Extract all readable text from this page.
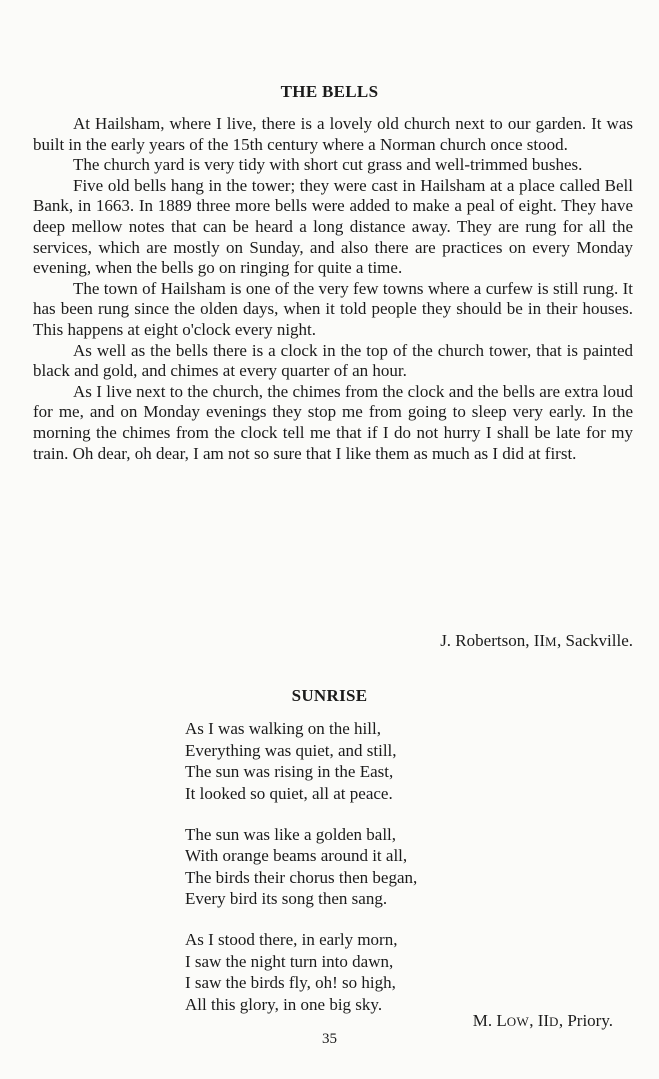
THE BELLS

At Hailsham, where I live, there is a lovely old church next to our garden. It was built in the early years of the 15th century where a Norman church once stood.

The church yard is very tidy with short cut grass and well-trimmed bushes.

Five old bells hang in the tower; they were cast in Hailsham at a place called Bell Bank, in 1663. In 1889 three more bells were added to make a peal of eight. They have deep mellow notes that can be heard a long distance away. They are rung for all the services, which are mostly on Sunday, and also there are practices on every Monday evening, when the bells go on ringing for quite a time.

The town of Hailsham is one of the very few towns where a curfew is still rung. It has been rung since the olden days, when it told people they should be in their houses. This happens at eight o'clock every night.

As well as the bells there is a clock in the top of the church tower, that is painted black and gold, and chimes at every quarter of an hour.

As I live next to the church, the chimes from the clock and the bells are extra loud for me, and on Monday evenings they stop me from going to sleep very early. In the morning the chimes from the clock tell me that if I do not hurry I shall be late for my train. Oh dear, oh dear, I am not so sure that I like them as much as I did at first.

J. Robertson, IIM, Sackville.

SUNRISE
As I was walking on the hill,
Everything was quiet, and still,
The sun was rising in the East,
It looked so quiet, all at peace.
The sun was like a golden ball,
With orange beams around it all,
The birds their chorus then began,
Every bird its song then sang.
As I stood there, in early morn,
I saw the night turn into dawn,
I saw the birds fly, oh! so high,
All this glory, in one big sky.

M. LOW, IID, Priory.

35
